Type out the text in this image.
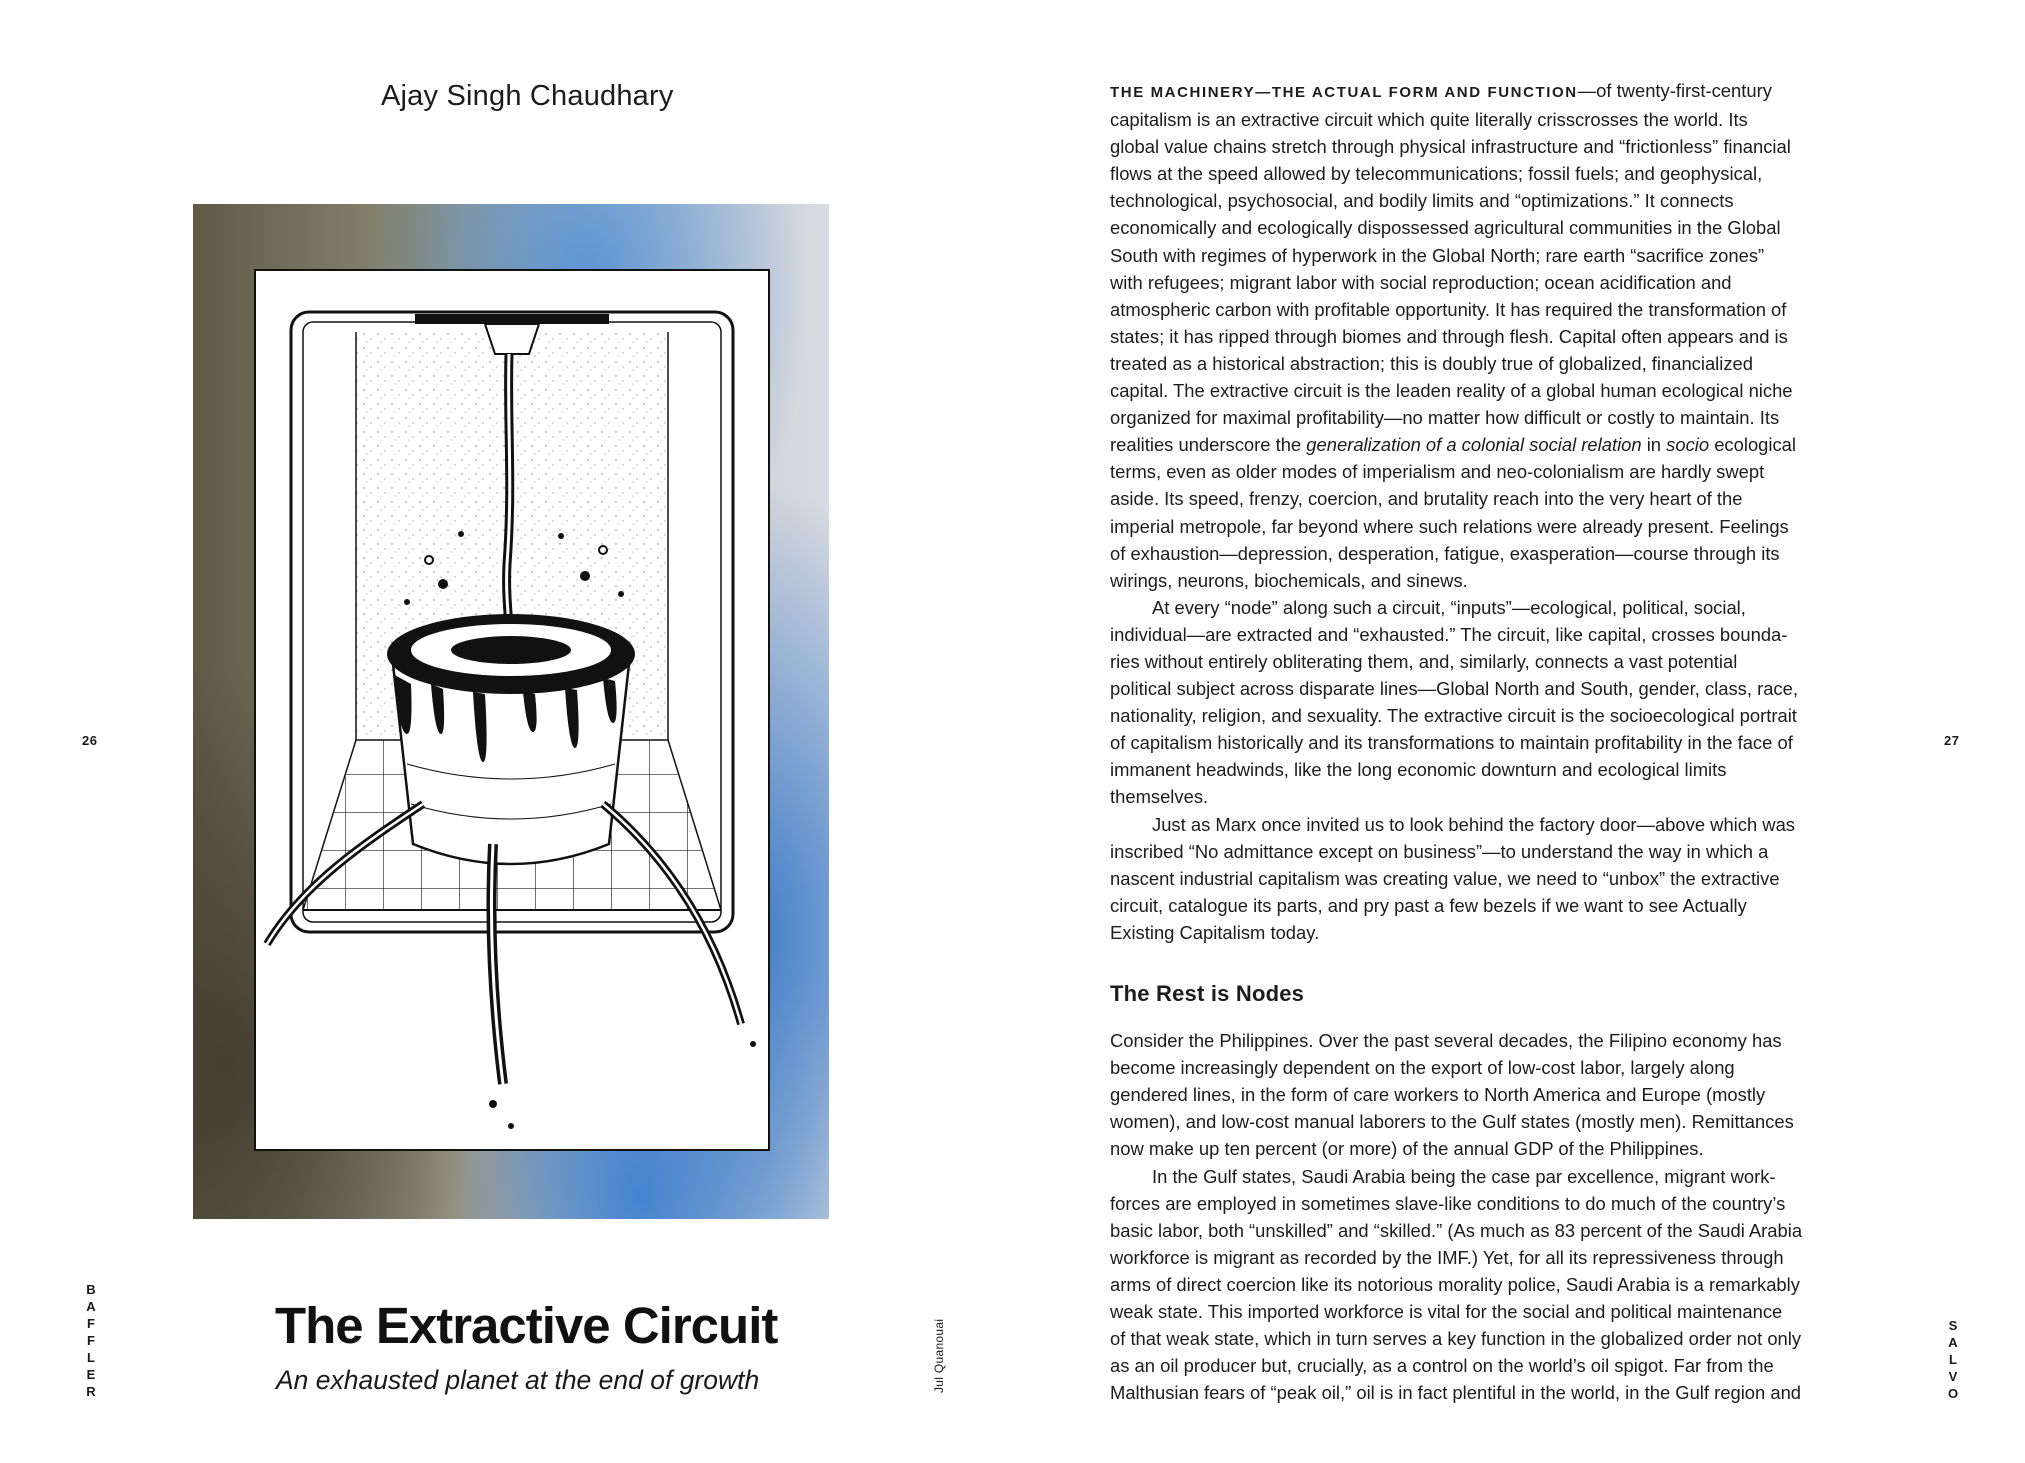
Ajay Singh Chaudhary
26
BAFFLER	Jul Quanouai
The Extractive Circuit
An exhausted planet at the end of growth
27
SALVO

THE MACHINERY—THE ACTUAL FORM AND FUNCTION—of twenty-first-century
capitalism is an extractive circuit which quite literally crisscrosses the world. Its
global value chains stretch through physical infrastructure and “frictionless” financial
flows at the speed allowed by telecommunications; fossil fuels; and geophysical,
technological, psychosocial, and bodily limits and “optimizations.” It connects
economically and ecologically dispossessed agricultural communities in the Global
South with regimes of hyperwork in the Global North; rare earth “sacrifice zones”
with refugees; migrant labor with social reproduction; ocean acidification and
atmospheric carbon with profitable opportunity. It has required the transformation of
states; it has ripped through biomes and through flesh. Capital often appears and is
treated as a historical abstraction; this is doubly true of globalized, financialized
capital. The extractive circuit is the leaden reality of a global human ecological niche
organized for maximal profitability—no matter how difficult or costly to maintain. Its
realities underscore the generalization of a colonial social relation in socio ecological
terms, even as older modes of imperialism and neo-colonialism are hardly swept
aside. Its speed, frenzy, coercion, and brutality reach into the very heart of the
imperial metropole, far beyond where such relations were already present. Feelings
of exhaustion—depression, desperation, fatigue, exasperation—course through its
wirings, neurons, biochemicals, and sinews.

At every “node” along such a circuit, “inputs”—ecological, political, social,
individual—are extracted and “exhausted.” The circuit, like capital, crosses bounda-
ries without entirely obliterating them, and, similarly, connects a vast potential
political subject across disparate lines—Global North and South, gender, class, race,
nationality, religion, and sexuality. The extractive circuit is the socioecological portrait
of capitalism historically and its transformations to maintain profitability in the face of
immanent headwinds, like the long economic downturn and ecological limits
themselves.

Just as Marx once invited us to look behind the factory door—above which was
inscribed “No admittance except on business”—to understand the way in which a
nascent industrial capitalism was creating value, we need to “unbox” the extractive
circuit, catalogue its parts, and pry past a few bezels if we want to see Actually
Existing Capitalism today.

The Rest is Nodes

Consider the Philippines. Over the past several decades, the Filipino economy has
become increasingly dependent on the export of low-cost labor, largely along
gendered lines, in the form of care workers to North America and Europe (mostly
women), and low-cost manual laborers to the Gulf states (mostly men). Remittances
now make up ten percent (or more) of the annual GDP of the Philippines.

In the Gulf states, Saudi Arabia being the case par excellence, migrant work-
forces are employed in sometimes slave-like conditions to do much of the country’s
basic labor, both “unskilled” and “skilled.” (As much as 83 percent of the Saudi Arabia
workforce is migrant as recorded by the IMF.) Yet, for all its repressiveness through
arms of direct coercion like its notorious morality police, Saudi Arabia is a remarkably
weak state. This imported workforce is vital for the social and political maintenance
of that weak state, which in turn serves a key function in the globalized order not only
as an oil producer but, crucially, as a control on the world’s oil spigot. Far from the
Malthusian fears of “peak oil,” oil is in fact plentiful in the world, in the Gulf region and
